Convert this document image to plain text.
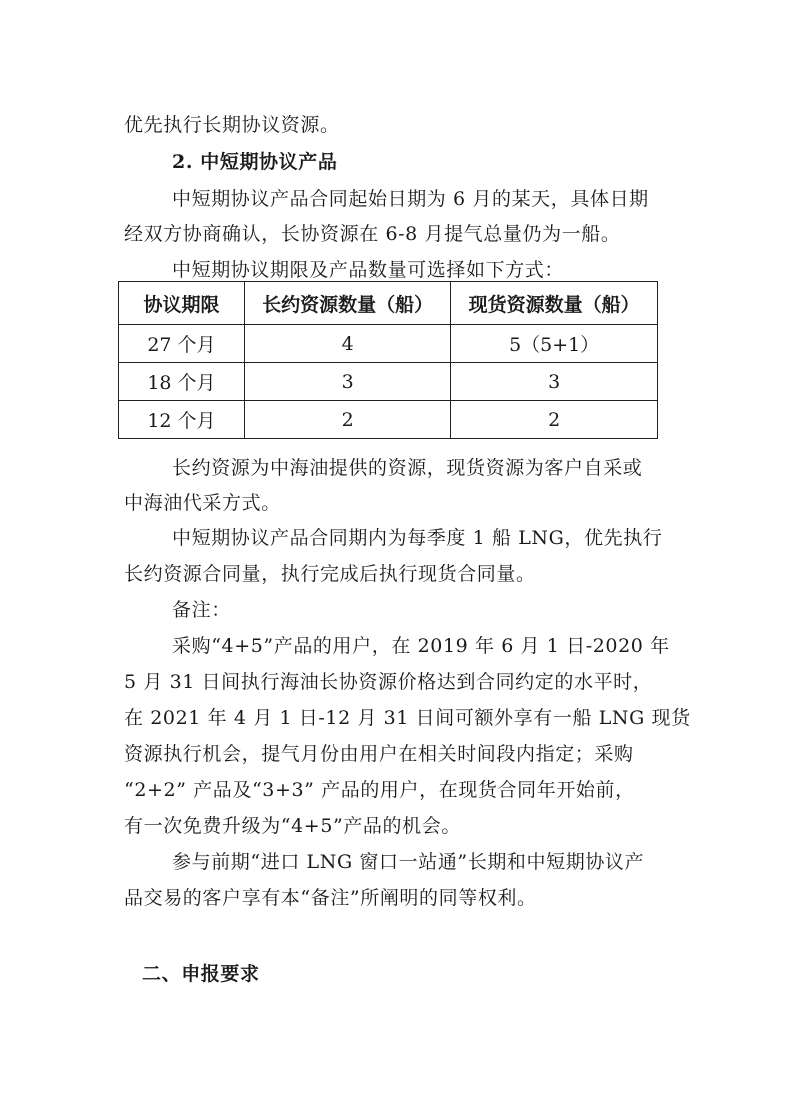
优先执行长期协议资源。
2. 中短期协议产品
中短期协议产品合同起始日期为 6 月的某天，具体日期
经双方协商确认，长协资源在 6-8 月提气总量仍为一船。
中短期协议期限及产品数量可选择如下方式：
协议期限	长约资源数量（船）	现货资源数量（船）
27 个月	4	5（5+1）
18 个月	3	3
12 个月	2	2
长约资源为中海油提供的资源，现货资源为客户自采或
中海油代采方式。
中短期协议产品合同期内为每季度 1 船 LNG，优先执行
长约资源合同量，执行完成后执行现货合同量。
备注：
采购“4+5”产品的用户，在 2019 年 6 月 1 日-2020 年
5 月 31 日间执行海油长协资源价格达到合同约定的水平时，
在 2021 年 4 月 1 日-12 月 31 日间可额外享有一船 LNG 现货
资源执行机会，提气月份由用户在相关时间段内指定；采购
“2+2” 产品及“3+3” 产品的用户，在现货合同年开始前，
有一次免费升级为“4+5”产品的机会。
参与前期“进口 LNG 窗口一站通”长期和中短期协议产
品交易的客户享有本“备注”所阐明的同等权利。
二、申报要求
